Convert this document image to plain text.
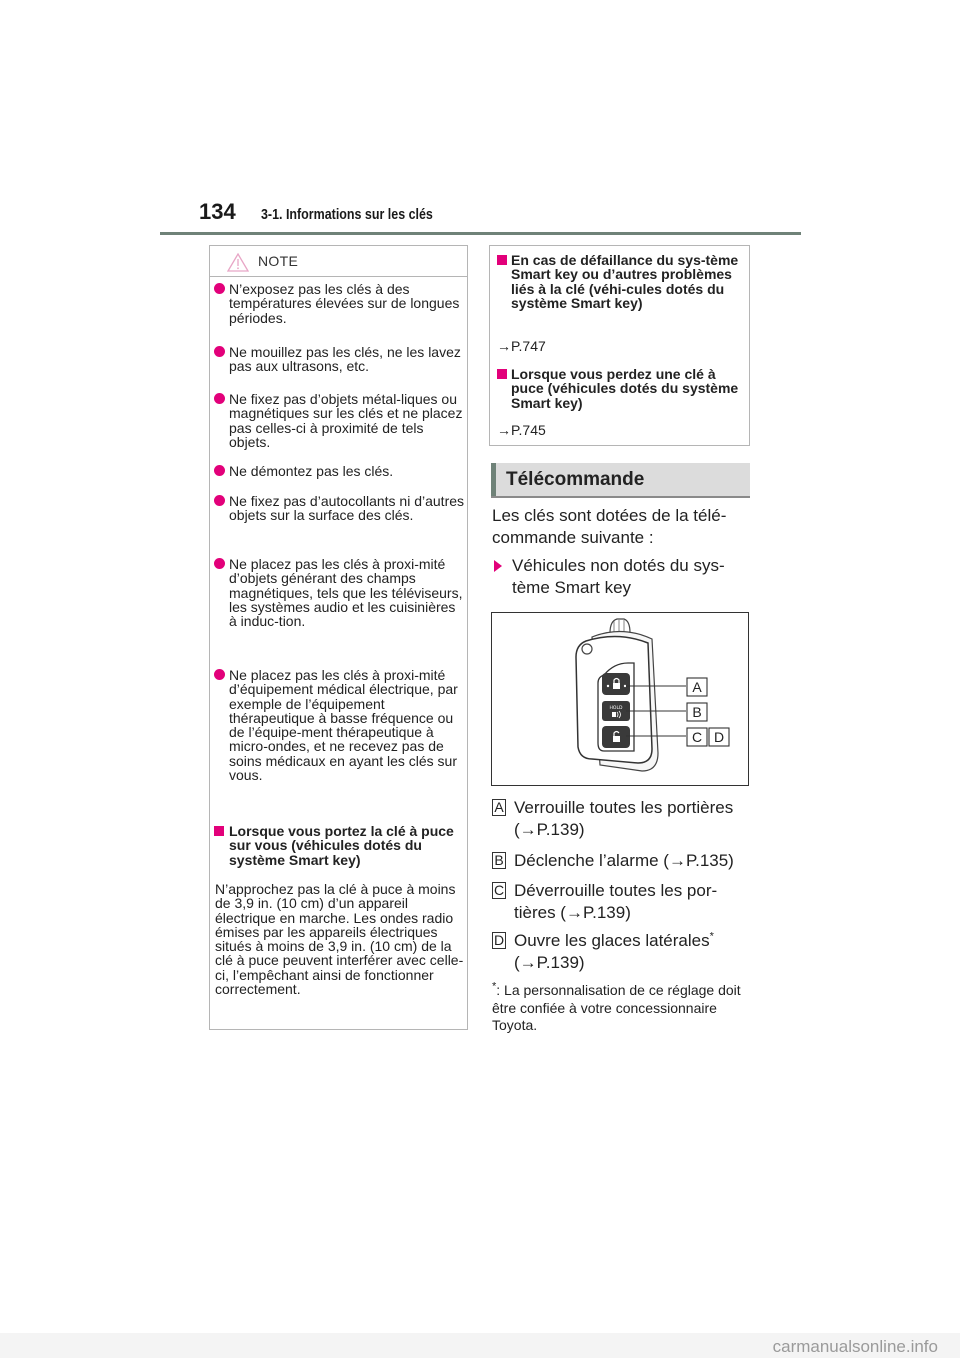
134 3-1. Informations sur les clés
NOTE
N’exposez pas les clés à des températures élevées sur de longues périodes.
Ne mouillez pas les clés, ne les lavez pas aux ultrasons, etc.
Ne fixez pas d’objets métal-liques ou magnétiques sur les clés et ne placez pas celles-ci à proximité de tels objets.
Ne démontez pas les clés.
Ne fixez pas d’autocollants ni d’autres objets sur la surface des clés.
Ne placez pas les clés à proxi-mité d’objets générant des champs magnétiques, tels que les téléviseurs, les systèmes audio et les cuisinières à induc-tion.
Ne placez pas les clés à proxi-mité d’équipement médical électrique, par exemple de l’équipement thérapeutique à basse fréquence ou de l’équipe-ment thérapeutique à micro-ondes, et ne recevez pas de soins médicaux en ayant les clés sur vous.
Lorsque vous portez la clé à puce sur vous (véhicules dotés du système Smart key)
N’approchez pas la clé à puce à moins de 3,9 in. (10 cm) d’un appareil électrique en marche. Les ondes radio émises par les appareils électriques situés à moins de 3,9 in. (10 cm) de la clé à puce peuvent interférer avec celle-ci, l’empêchant ainsi de fonctionner correctement.
En cas de défaillance du sys-tème Smart key ou d’autres problèmes liés à la clé (véhi-cules dotés du système Smart key)
→P.747
Lorsque vous perdez une clé à puce (véhicules dotés du système Smart key)
→P.745
Télécommande
Les clés sont dotées de la télé-commande suivante :
Véhicules non dotés du sys-tème Smart key
HOLD
A
B
C D
A Verrouille toutes les portières (→P.139)
B Déclenche l’alarme (→P.135)
C Déverrouille toutes les por-tières (→P.139)
D Ouvre les glaces latérales*
(→P.139)
*: La personnalisation de ce réglage doit être confiée à votre concessionnaire Toyota.
carmanualsonline.info
